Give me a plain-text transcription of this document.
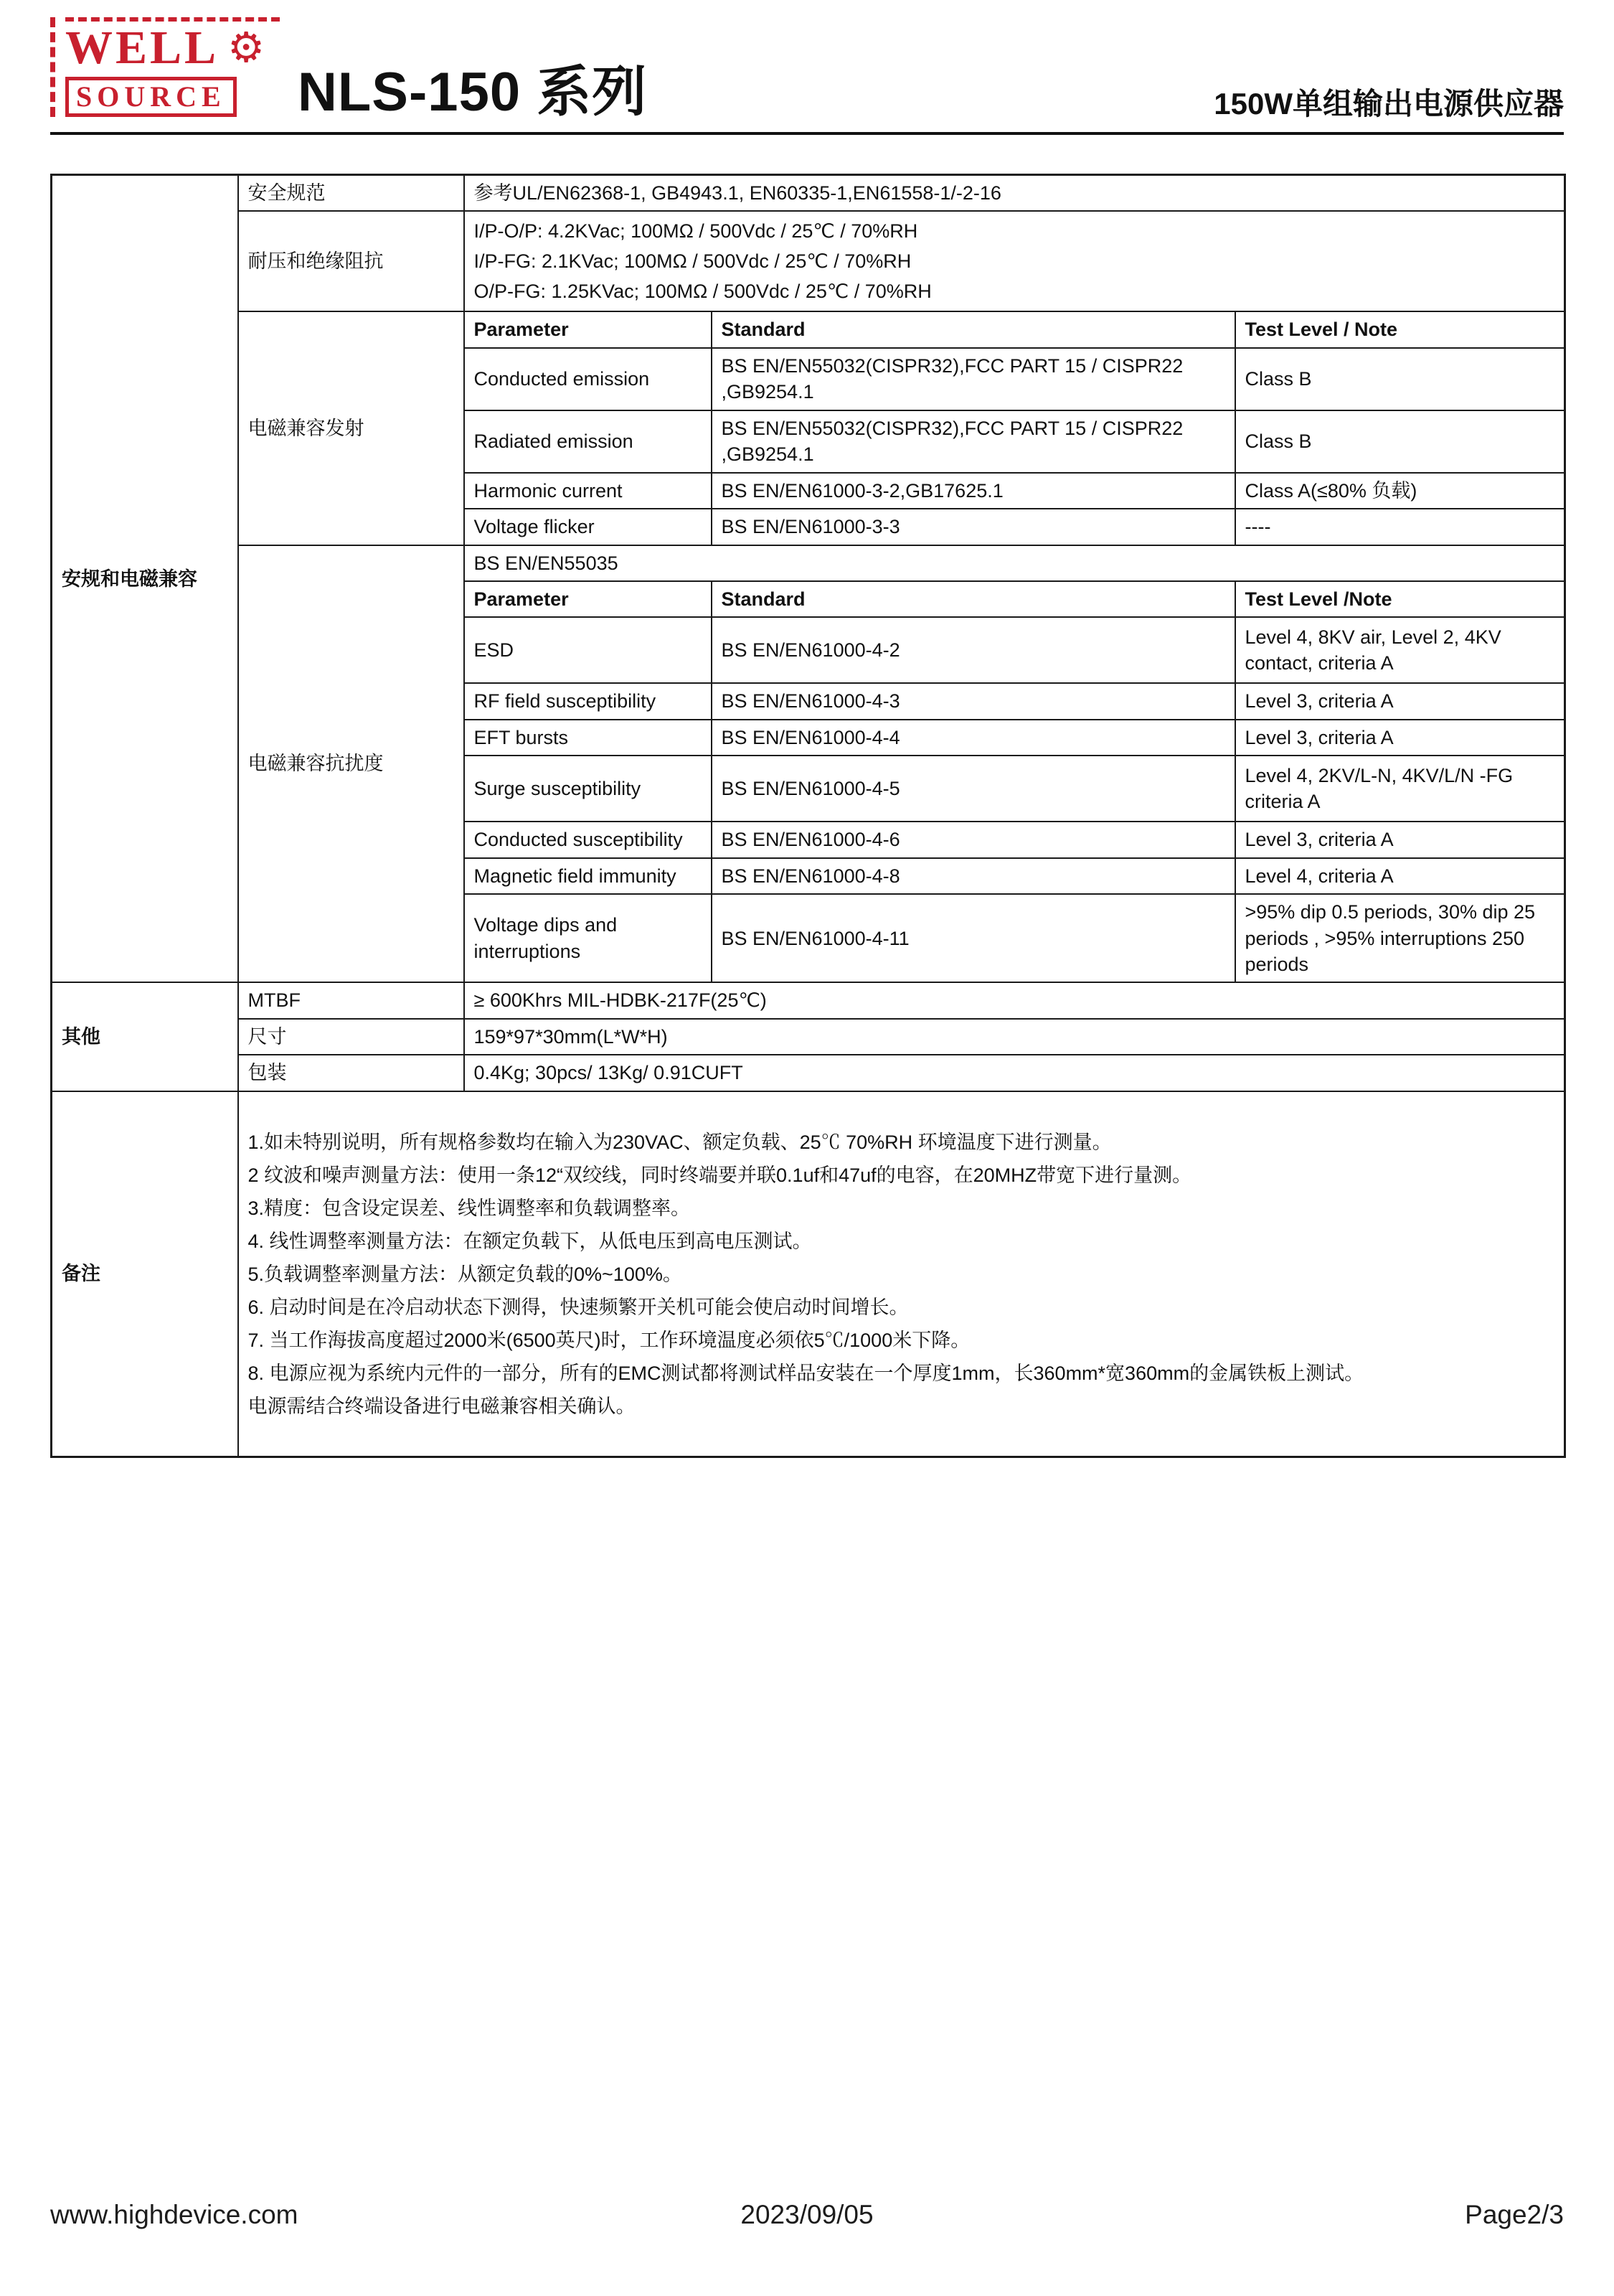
WELL ⚙
SOURCE NLS-150 系列	150W单组输出电源供应器
安规和电磁兼容	安全规范	参考UL/EN62368-1, GB4943.1, EN60335-1,EN61558-1/-2-16		
	耐压和绝缘阻抗	I/P-O/P: 4.2KVac; 100MΩ / 500Vdc / 25℃ / 70%RH
I/P-FG: 2.1KVac; 100MΩ / 500Vdc / 25℃ / 70%RH
O/P-FG: 1.25KVac; 100MΩ / 500Vdc / 25℃ / 70%RH		

	电磁兼容发射	Parameter	Standard	Test Level / Note
		Conducted emission	BS EN/EN55032(CISPR32),FCC PART 15 / CISPR22 ,GB9254.1	Class B
		Radiated emission	BS EN/EN55032(CISPR32),FCC PART 15 / CISPR22 ,GB9254.1	Class B
		Harmonic current	BS EN/EN61000-3-2,GB17625.1	Class A(≤80% 负载)
		Voltage flicker	BS EN/EN61000-3-3	----
	电磁兼容抗扰度	BS EN/EN55035		
		Parameter	Standard	Test Level /Note
		ESD	BS EN/EN61000-4-2	Level 4, 8KV air, Level 2, 4KV contact, criteria A
		RF field susceptibility	BS EN/EN61000-4-3	Level 3, criteria A
		EFT bursts	BS EN/EN61000-4-4	Level 3, criteria A
		Surge susceptibility	BS EN/EN61000-4-5	Level 4, 2KV/L-N, 4KV/L/N -FG criteria A
		Conducted susceptibility	BS EN/EN61000-4-6	Level 3, criteria A
		Magnetic field immunity	BS EN/EN61000-4-8	Level 4, criteria A
		Voltage dips and interruptions	BS EN/EN61000-4-11	>95% dip 0.5 periods, 30% dip 25 periods , >95% interruptions 250 periods
其他	MTBF	≥ 600Khrs MIL-HDBK-217F(25℃)		
	尺寸	159*97*30mm(L*W*H)		
	包装	0.4Kg; 30pcs/ 13Kg/ 0.91CUFT		
备注	
1.如未特别说明，所有规格参数均在输入为230VAC、额定负载、25℃ 70%RH 环境温度下进行测量。
2 纹波和噪声测量方法：使用一条12“双绞线，同时终端要并联0.1uf和47uf的电容，在20MHZ带宽下进行量测。
3.精度：包含设定误差、线性调整率和负载调整率。
4. 线性调整率测量方法：在额定负载下，从低电压到高电压测试。
5.负载调整率测量方法：从额定负载的0%~100%。
6. 启动时间是在冷启动状态下测得，快速频繁开关机可能会使启动时间增长。
7. 当工作海拔高度超过2000米(6500英尺)时，工作环境温度必须依5℃/1000米下降。
8. 电源应视为系统内元件的一部分，所有的EMC测试都将测试样品安装在一个厚度1mm，长360mm*宽360mm的金属铁板上测试。
电源需结合终端设备进行电磁兼容相关确认。
www.highdevice.com	2023/09/05	Page2/3
